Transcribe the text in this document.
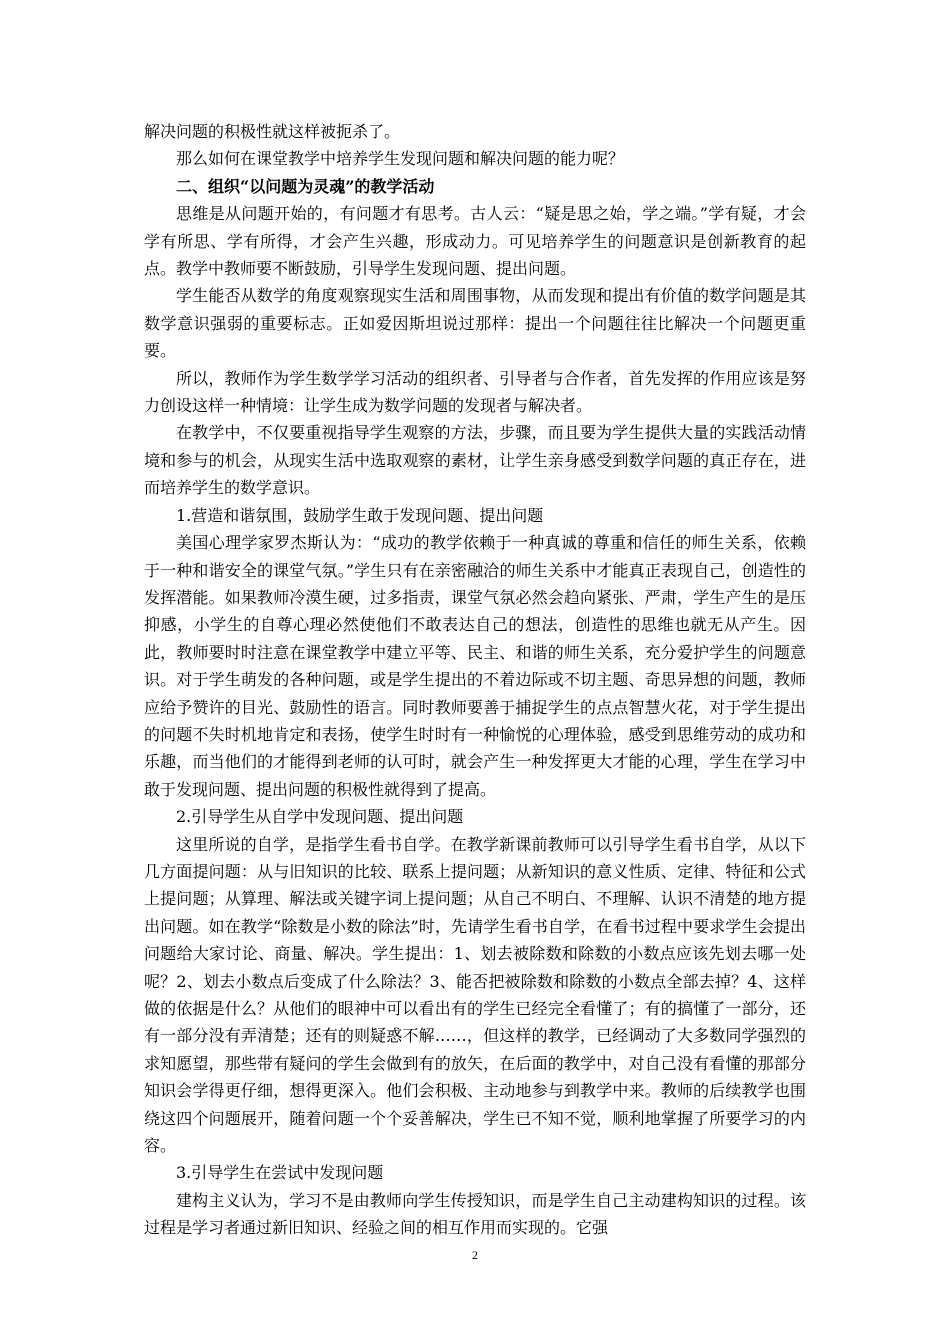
解决问题的积极性就这样被扼杀了。

那么如何在课堂教学中培养学生发现问题和解决问题的能力呢？

二、组织“以问题为灵魂”的教学活动

思维是从问题开始的，有问题才有思考。古人云：“疑是思之始，学之端。”学有疑，才会学有所思、学有所得，才会产生兴趣，形成动力。可见培养学生的问题意识是创新教育的起点。教学中教师要不断鼓励，引导学生发现问题、提出问题。

学生能否从数学的角度观察现实生活和周围事物，从而发现和提出有价值的数学问题是其数学意识强弱的重要标志。正如爱因斯坦说过那样：提出一个问题往往比解决一个问题更重要。

所以，教师作为学生数学学习活动的组织者、引导者与合作者，首先发挥的作用应该是努力创设这样一种情境：让学生成为数学问题的发现者与解决者。

在教学中，不仅要重视指导学生观察的方法，步骤，而且要为学生提供大量的实践活动情境和参与的机会，从现实生活中选取观察的素材，让学生亲身感受到数学问题的真正存在，进而培养学生的数学意识。

1.营造和谐氛围，鼓励学生敢于发现问题、提出问题

美国心理学家罗杰斯认为：“成功的教学依赖于一种真诚的尊重和信任的师生关系，依赖于一种和谐安全的课堂气氛。”学生只有在亲密融洽的师生关系中才能真正表现自己，创造性的发挥潜能。如果教师冷漠生硬，过多指责，课堂气氛必然会趋向紧张、严肃，学生产生的是压抑感，小学生的自尊心理必然使他们不敢表达自己的想法，创造性的思维也就无从产生。因此，教师要时时注意在课堂教学中建立平等、民主、和谐的师生关系，充分爱护学生的问题意识。对于学生萌发的各种问题，或是学生提出的不着边际或不切主题、奇思异想的问题，教师应给予赞许的目光、鼓励性的语言。同时教师要善于捕捉学生的点点智慧火花，对于学生提出的问题不失时机地肯定和表扬，使学生时时有一种愉悦的心理体验，感受到思维劳动的成功和乐趣，而当他们的才能得到老师的认可时，就会产生一种发挥更大才能的心理，学生在学习中敢于发现问题、提出问题的积极性就得到了提高。

2.引导学生从自学中发现问题、提出问题

这里所说的自学，是指学生看书自学。在教学新课前教师可以引导学生看书自学，从以下几方面提问题：从与旧知识的比较、联系上提问题；从新知识的意义性质、定律、特征和公式上提问题；从算理、解法或关键字词上提问题；从自己不明白、不理解、认识不清楚的地方提出问题。如在教学“除数是小数的除法”时，先请学生看书自学，在看书过程中要求学生会提出问题给大家讨论、商量、解决。学生提出：1、划去被除数和除数的小数点应该先划去哪一处呢？2、划去小数点后变成了什么除法？3、能否把被除数和除数的小数点全部去掉？4、这样做的依据是什么？从他们的眼神中可以看出有的学生已经完全看懂了；有的搞懂了一部分，还有一部分没有弄清楚；还有的则疑惑不解……，但这样的教学，已经调动了大多数同学强烈的求知愿望，那些带有疑问的学生会做到有的放矢，在后面的教学中，对自己没有看懂的那部分知识会学得更仔细，想得更深入。他们会积极、主动地参与到教学中来。教师的后续教学也围绕这四个问题展开，随着问题一个个妥善解决，学生已不知不觉，顺利地掌握了所要学习的内容。

3.引导学生在尝试中发现问题

建构主义认为，学习不是由教师向学生传授知识，而是学生自己主动建构知识的过程。该过程是学习者通过新旧知识、经验之间的相互作用而实现的。它强

2
